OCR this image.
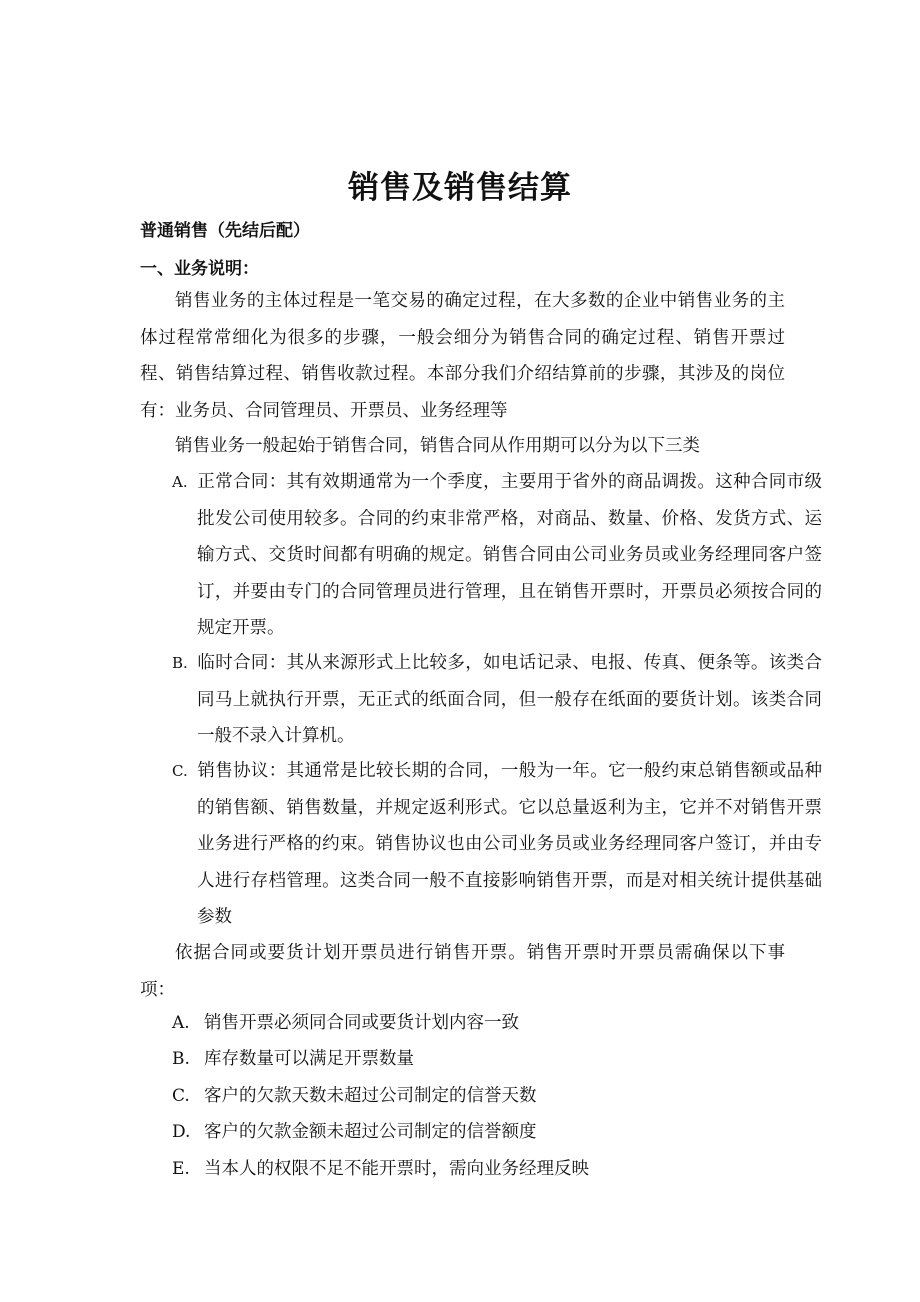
销售及销售结算
普通销售（先结后配）
一、业务说明：

销售业务的主体过程是一笔交易的确定过程，在大多数的企业中销售业务的主体过程常常细化为很多的步骤，一般会细分为销售合同的确定过程、销售开票过程、销售结算过程、销售收款过程。本部分我们介绍结算前的步骤，其涉及的岗位有：业务员、合同管理员、开票员、业务经理等

销售业务一般起始于销售合同，销售合同从作用期可以分为以下三类

A. 正常合同：其有效期通常为一个季度，主要用于省外的商品调拨。这种合同市级批发公司使用较多。合同的约束非常严格，对商品、数量、价格、发货方式、运输方式、交货时间都有明确的规定。销售合同由公司业务员或业务经理同客户签订，并要由专门的合同管理员进行管理，且在销售开票时，开票员必须按合同的规定开票。

B. 临时合同：其从来源形式上比较多，如电话记录、电报、传真、便条等。该类合同马上就执行开票，无正式的纸面合同，但一般存在纸面的要货计划。该类合同一般不录入计算机。

C. 销售协议：其通常是比较长期的合同，一般为一年。它一般约束总销售额或品种的销售额、销售数量，并规定返利形式。它以总量返利为主，它并不对销售开票业务进行严格的约束。销售协议也由公司业务员或业务经理同客户签订，并由专人进行存档管理。这类合同一般不直接影响销售开票，而是对相关统计提供基础参数

依据合同或要货计划开票员进行销售开票。销售开票时开票员需确保以下事项：

A. 销售开票必须同合同或要货计划内容一致

B. 库存数量可以满足开票数量

C. 客户的欠款天数未超过公司制定的信誉天数

D. 客户的欠款金额未超过公司制定的信誉额度

E. 当本人的权限不足不能开票时，需向业务经理反映
